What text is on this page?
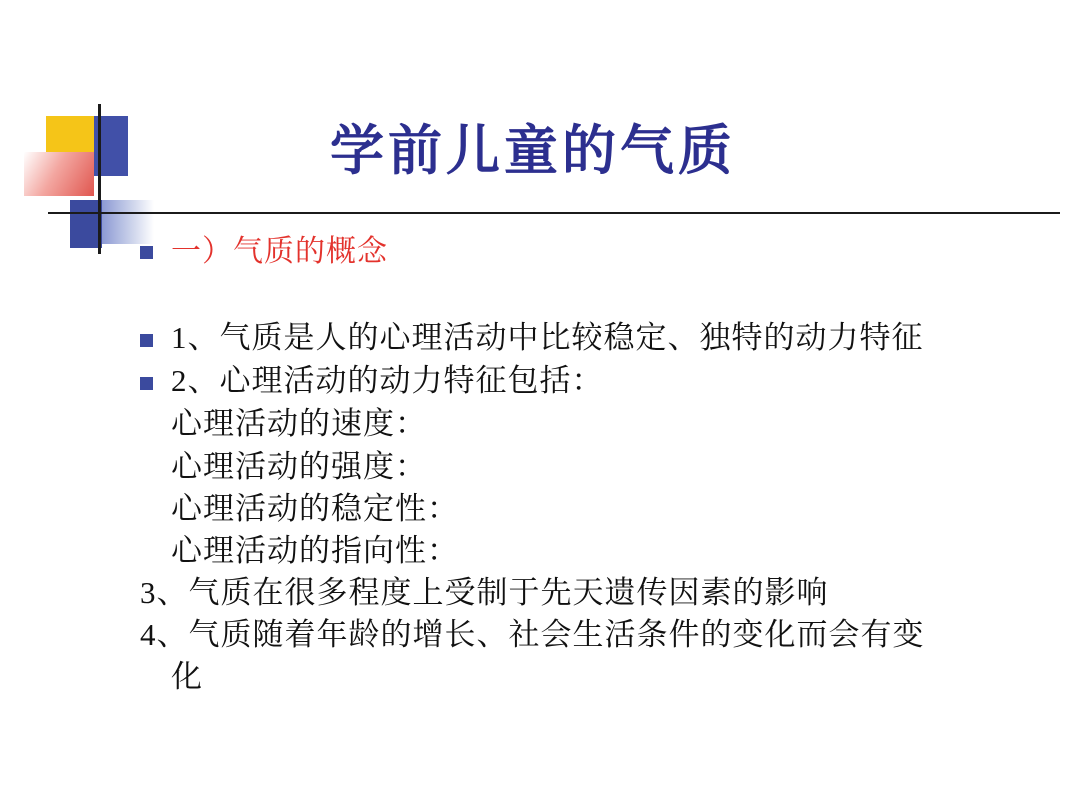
学前儿童的气质
一）气质的概念
1、气质是人的心理活动中比较稳定、独特的动力特征
2、心理活动的动力特征包括：
心理活动的速度：
心理活动的强度：
心理活动的稳定性：
心理活动的指向性：
3、气质在很多程度上受制于先天遗传因素的影响
4、气质随着年龄的增长、社会生活条件的变化而会有变
化
